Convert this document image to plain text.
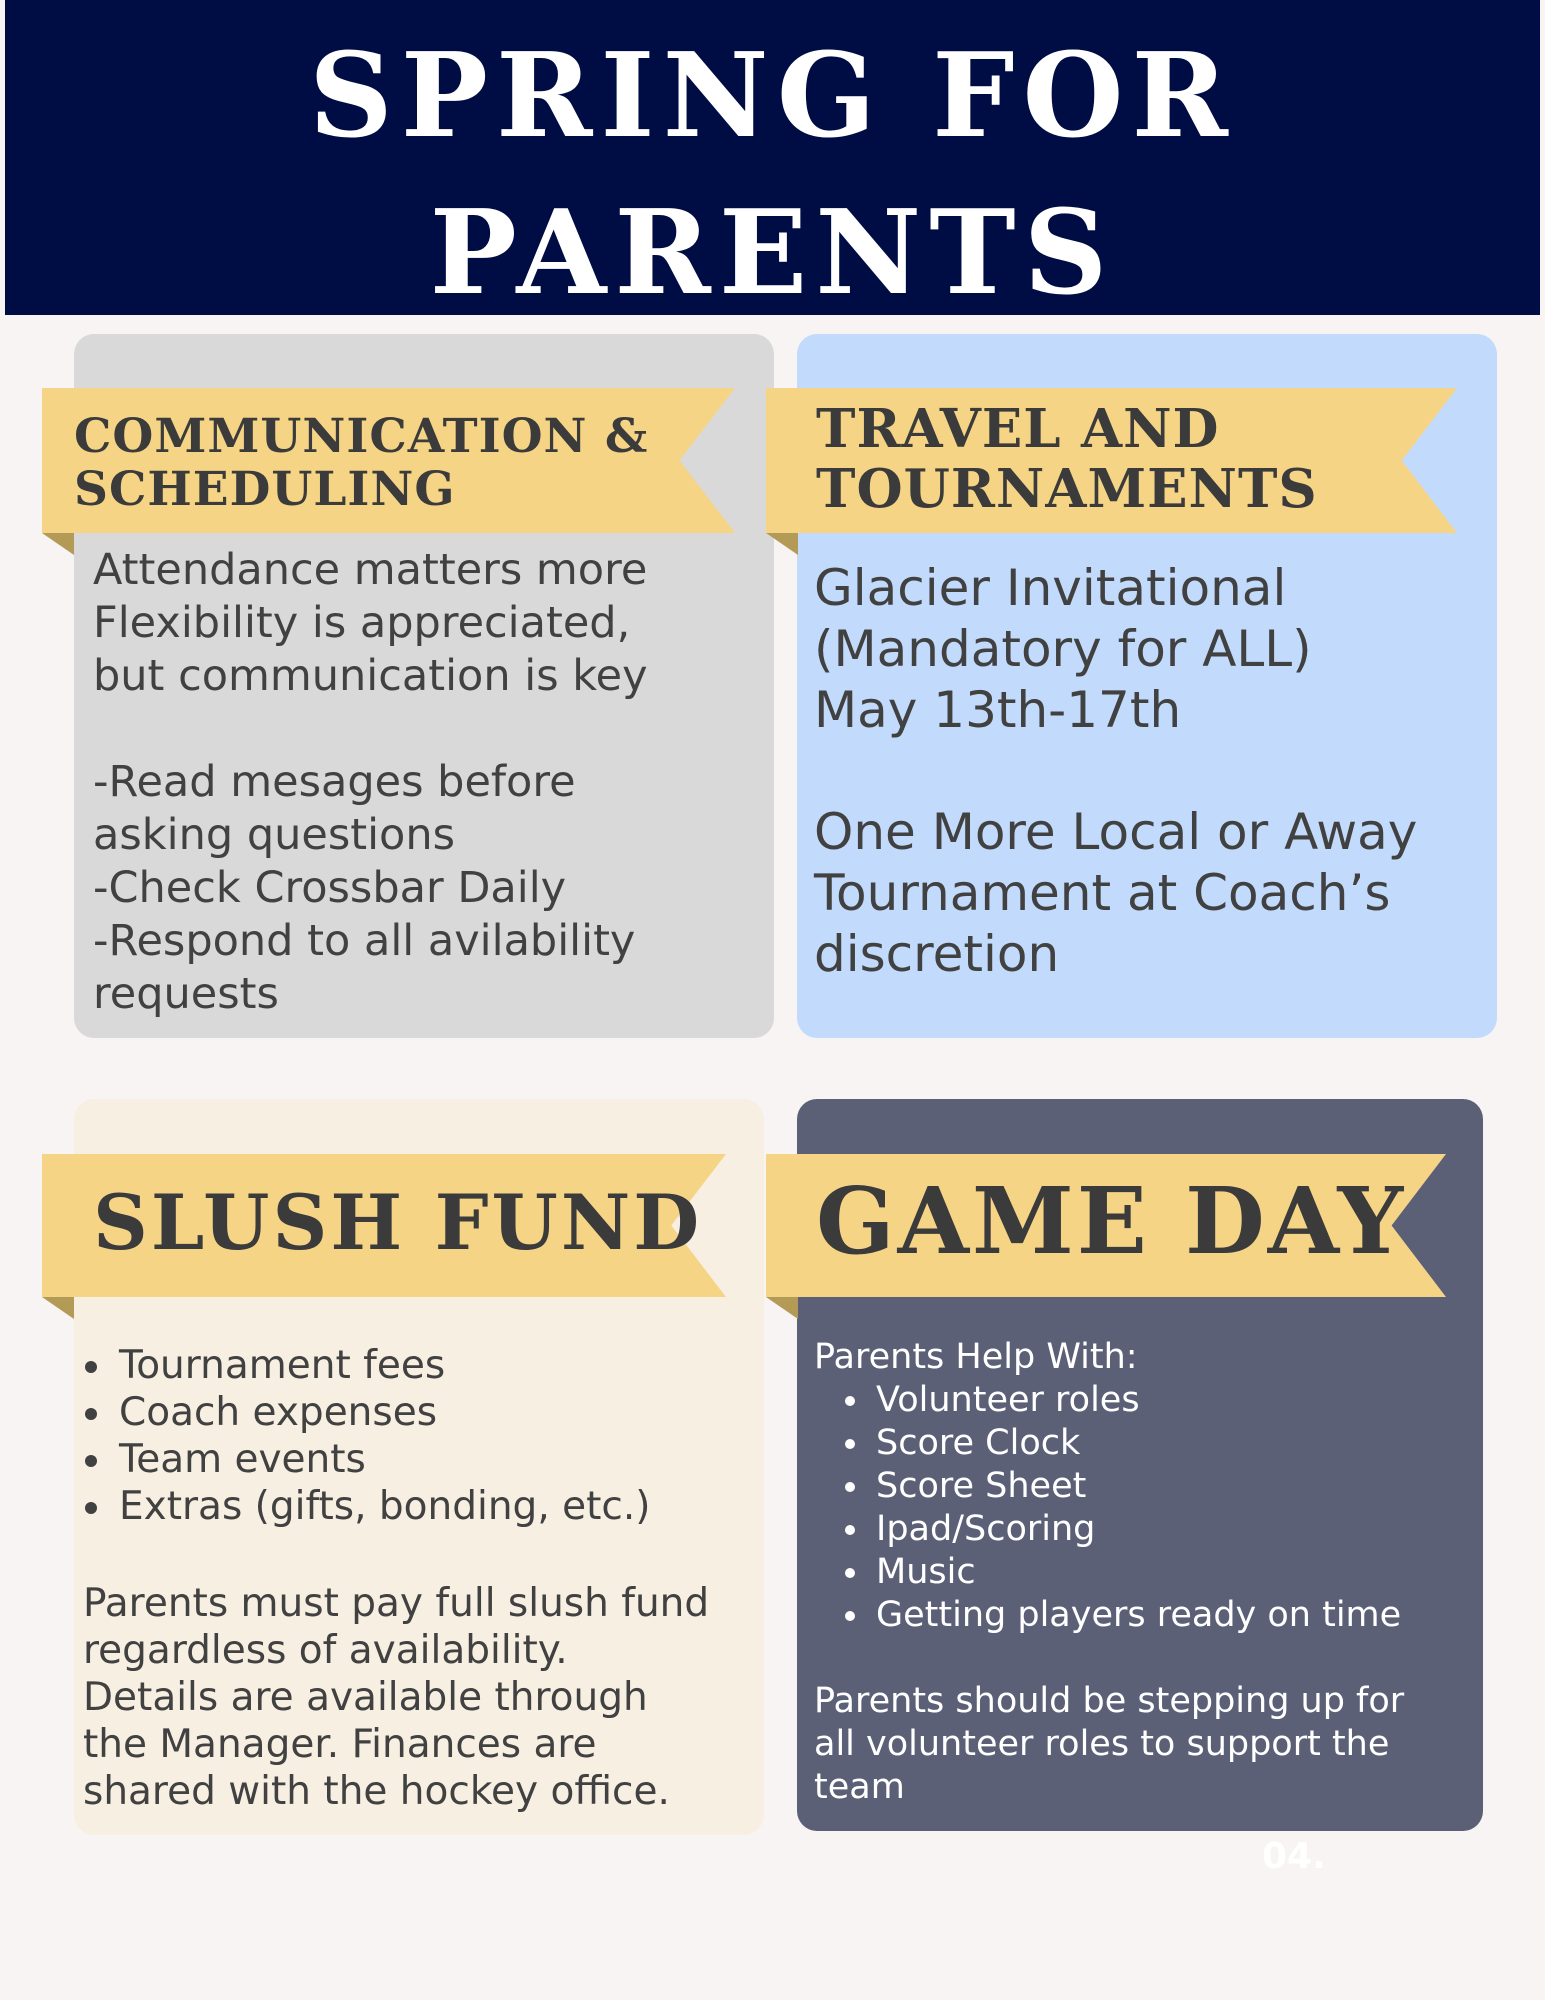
SPRING FOR
PARENTS
COMMUNICATION &
SCHEDULING

Attendance matters more

Flexibility is appreciated,

but communication is key

-Read mesages before

asking questions

-Check Crossbar Daily

-Respond to all avilability

requests

TRAVEL AND
TOURNAMENTS

Glacier Invitational

(Mandatory for ALL)

May 13th-17th

One More Local or Away

Tournament at Coach’s

discretion

SLUSH FUND
• Tournament fees
• Coach expenses
• Team events
• Extras (gifts, bonding, etc.)

Parents must pay full slush fund

regardless of availability.

Details are available through

the Manager. Finances are

shared with the hockey office.

GAME DAY

Parents Help With:

• Volunteer roles
• Score Clock
• Score Sheet
• Ipad/Scoring
• Music
• Getting players ready on time

Parents should be stepping up for

all volunteer roles to support the

team

04.
